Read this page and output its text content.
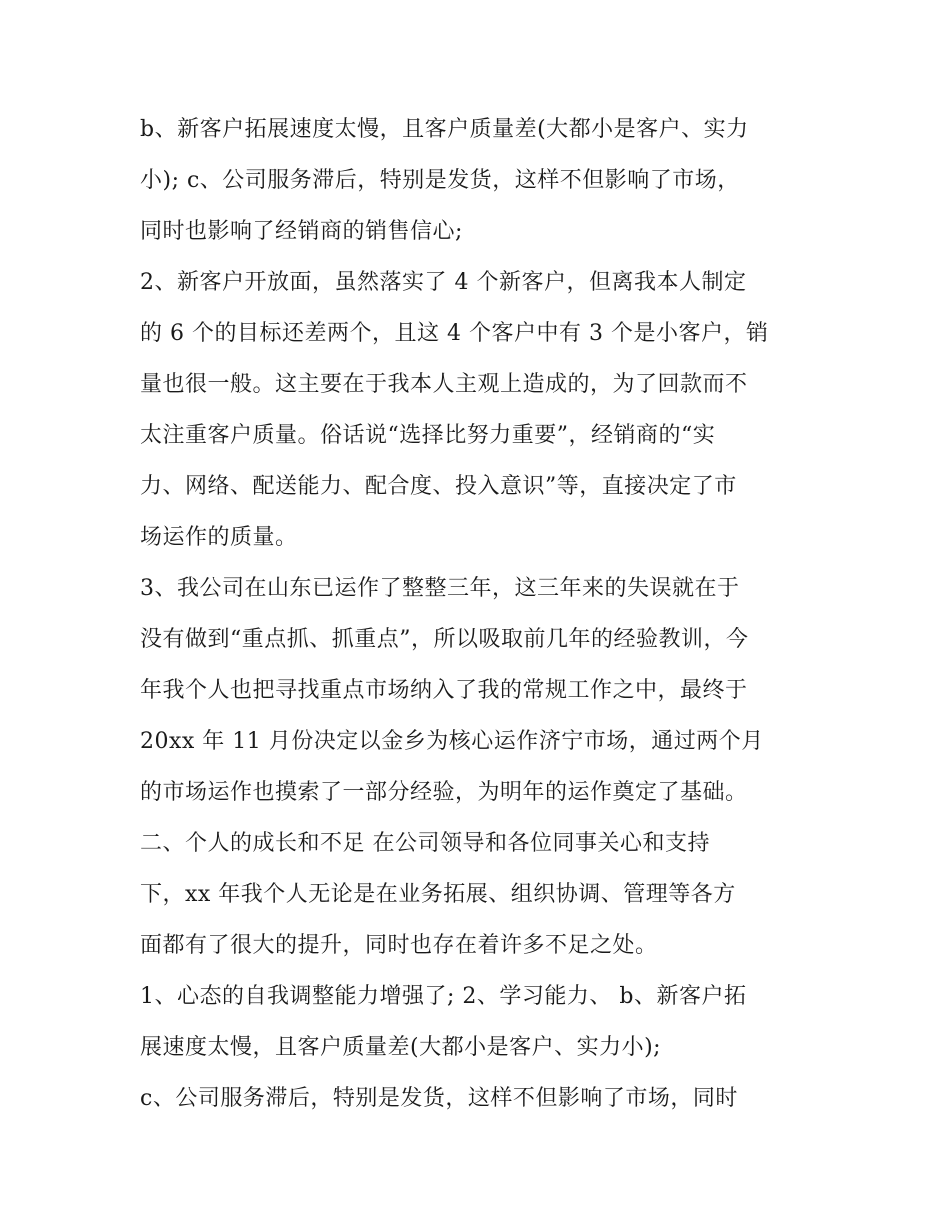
b、新客户拓展速度太慢，且客户质量差(大都小是客户、实力
小); c、公司服务滞后，特别是发货，这样不但影响了市场，
同时也影响了经销商的销售信心;
2、新客户开放面，虽然落实了 4 个新客户，但离我本人制定
的 6 个的目标还差两个，且这 4 个客户中有 3 个是小客户，销
量也很一般。这主要在于我本人主观上造成的，为了回款而不
太注重客户质量。俗话说“选择比努力重要”，经销商的“实
力、网络、配送能力、配合度、投入意识”等，直接决定了市
场运作的质量。
3、我公司在山东已运作了整整三年，这三年来的失误就在于
没有做到“重点抓、抓重点”，所以吸取前几年的经验教训，今
年我个人也把寻找重点市场纳入了我的常规工作之中，最终于
20xx 年 11 月份决定以金乡为核心运作济宁市场，通过两个月
的市场运作也摸索了一部分经验，为明年的运作奠定了基础。
二、个人的成长和不足 在公司领导和各位同事关心和支持
下，xx 年我个人无论是在业务拓展、组织协调、管理等各方
面都有了很大的提升，同时也存在着许多不足之处。
1、心态的自我调整能力增强了; 2、学习能力、 b、新客户拓
展速度太慢，且客户质量差(大都小是客户、实力小);
c、公司服务滞后，特别是发货，这样不但影响了市场，同时
